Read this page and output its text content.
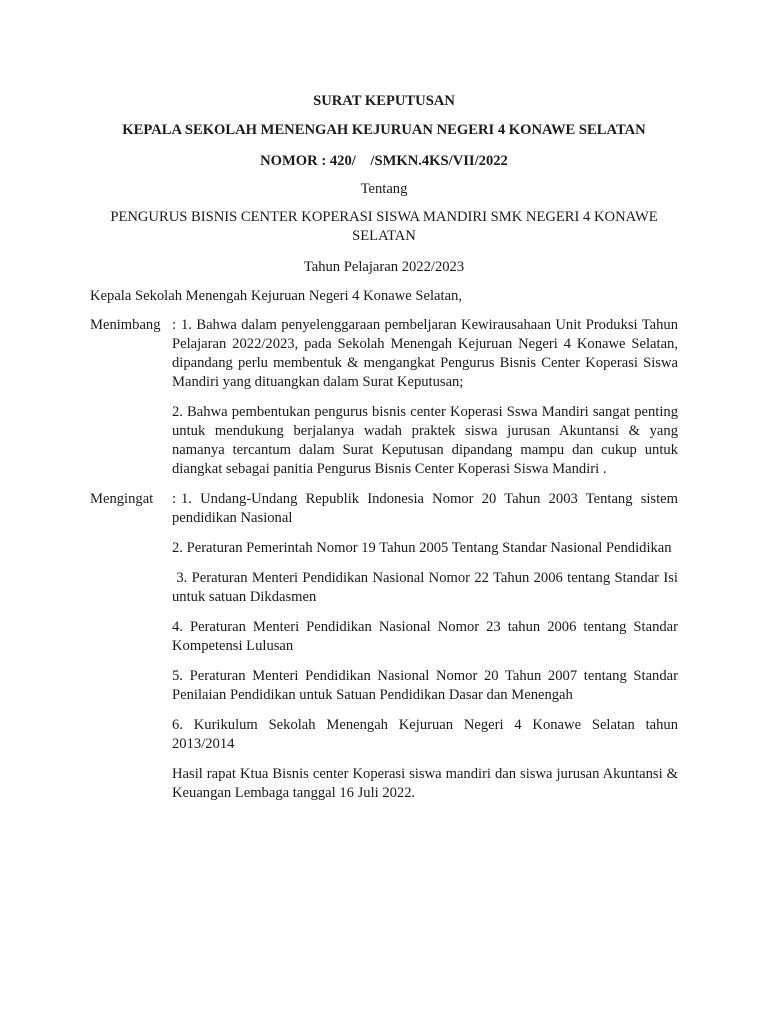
SURAT KEPUTUSAN
KEPALA SEKOLAH MENENGAH KEJURUAN NEGERI 4 KONAWE SELATAN
NOMOR : 420/    /SMKN.4KS/VII/2022
Tentang
PENGURUS BISNIS CENTER KOPERASI SISWA MANDIRI SMK NEGERI 4 KONAWE SELATAN
Tahun Pelajaran 2022/2023
Kepala Sekolah Menengah Kejuruan Negeri 4 Konawe Selatan,
Menimbang : 1. Bahwa dalam penyelenggaraan pembeljaran Kewirausahaan Unit Produksi Tahun Pelajaran 2022/2023, pada Sekolah Menengah Kejuruan Negeri 4 Konawe Selatan, dipandang perlu membentuk & mengangkat Pengurus Bisnis Center Koperasi Siswa Mandiri yang dituangkan dalam Surat Keputusan;

2. Bahwa pembentukan pengurus bisnis center Koperasi Sswa Mandiri sangat penting untuk mendukung berjalanya wadah praktek siswa jurusan Akuntansi & yang namanya tercantum dalam Surat Keputusan dipandang mampu dan cukup untuk diangkat sebagai panitia Pengurus Bisnis Center Koperasi Siswa Mandiri .

Mengingat : 1. Undang-Undang Republik Indonesia Nomor 20 Tahun 2003 Tentang sistem pendidikan Nasional

2. Peraturan Pemerintah Nomor 19 Tahun 2005 Tentang Standar Nasional Pendidikan

3. Peraturan Menteri Pendidikan Nasional Nomor 22 Tahun 2006 tentang Standar Isi untuk satuan Dikdasmen

4. Peraturan Menteri Pendidikan Nasional Nomor 23 tahun 2006 tentang Standar Kompetensi Lulusan

5. Peraturan Menteri Pendidikan Nasional Nomor 20 Tahun 2007 tentang Standar Penilaian Pendidikan untuk Satuan Pendidikan Dasar dan Menengah

6. Kurikulum Sekolah Menengah Kejuruan Negeri 4 Konawe Selatan tahun 2013/2014

Hasil rapat Ktua Bisnis center Koperasi siswa mandiri dan siswa jurusan Akuntansi & Keuangan Lembaga tanggal 16 Juli 2022.
